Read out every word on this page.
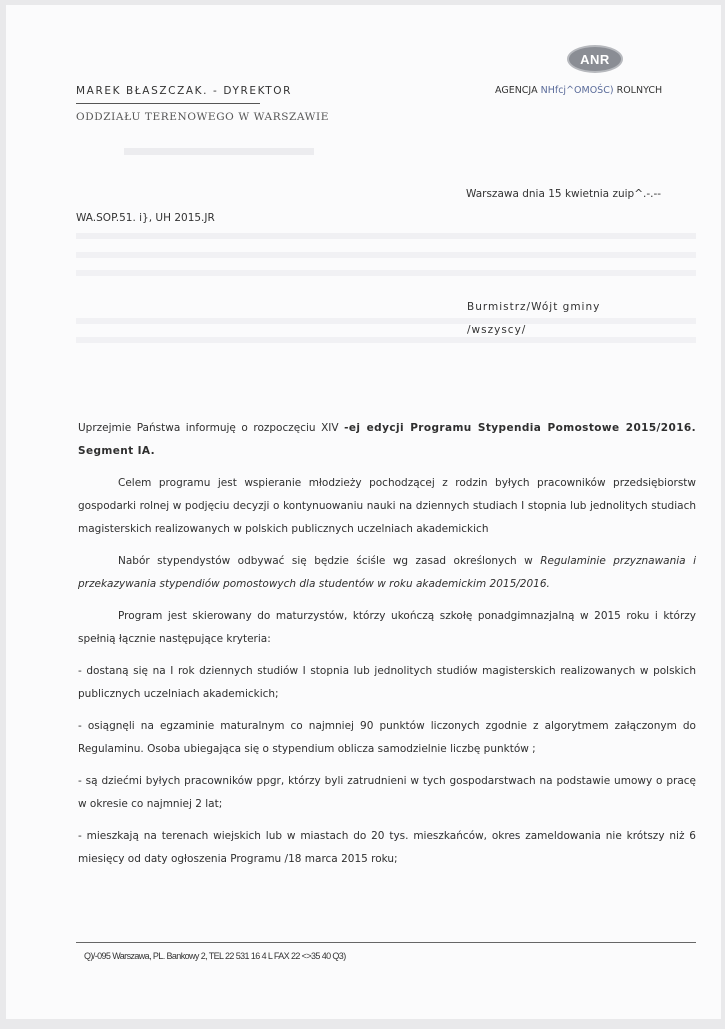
MAREK BŁASZCZAK. - DYREKTOR
ODDZIAŁU TERENOWEGO W WARSZAWIE
ANR
AGENCJA NHfcj^OMOŚC) ROLNYCH
Warszawa dnia 15 kwietnia zuip^.-.--
WA.SOP.51. i}, UH 2015.JR
Burmistrz/Wójt gminy
/wszyscy/

Uprzejmie Państwa informuję o rozpoczęciu XIV -ej edycji Programu Stypendia Pomostowe 2015/2016. Segment IA.

Celem programu jest wspieranie młodzieży pochodzącej z rodzin byłych pracowników przedsiębiorstw gospodarki rolnej w podjęciu decyzji o kontynuowaniu nauki na dziennych studiach I stopnia lub jednolitych studiach magisterskich realizowanych w polskich publicznych uczelniach akademickich

Nabór stypendystów odbywać się będzie ściśle wg zasad określonych w Regulaminie przyznawania i przekazywania stypendiów pomostowych dla studentów w roku akademickim 2015/2016.

Program jest skierowany do maturzystów, którzy ukończą szkołę ponadgimnazjalną w 2015 roku i którzy spełnią łącznie następujące kryteria:

- dostaną się na I rok dziennych studiów I stopnia lub jednolitych studiów magisterskich realizowanych w polskich publicznych uczelniach akademickich;

- osiągnęli na egzaminie maturalnym co najmniej 90 punktów liczonych zgodnie z algorytmem załączonym do Regulaminu. Osoba ubiegająca się o stypendium oblicza samodzielnie liczbę punktów ;

- są dziećmi byłych pracowników ppgr, którzy byli zatrudnieni w tych gospodarstwach na podstawie umowy o pracę w okresie co najmniej 2 lat;

- mieszkają na terenach wiejskich lub w miastach do 20 tys. mieszkańców, okres zameldowania nie krótszy niż 6 miesięcy od daty ogłoszenia Programu /18 marca 2015 roku;

Q)/-095 Warszawa, PL. Bankowy 2, TEL 22 531 16 4 L FAX 22 <>35 40 Q3)
